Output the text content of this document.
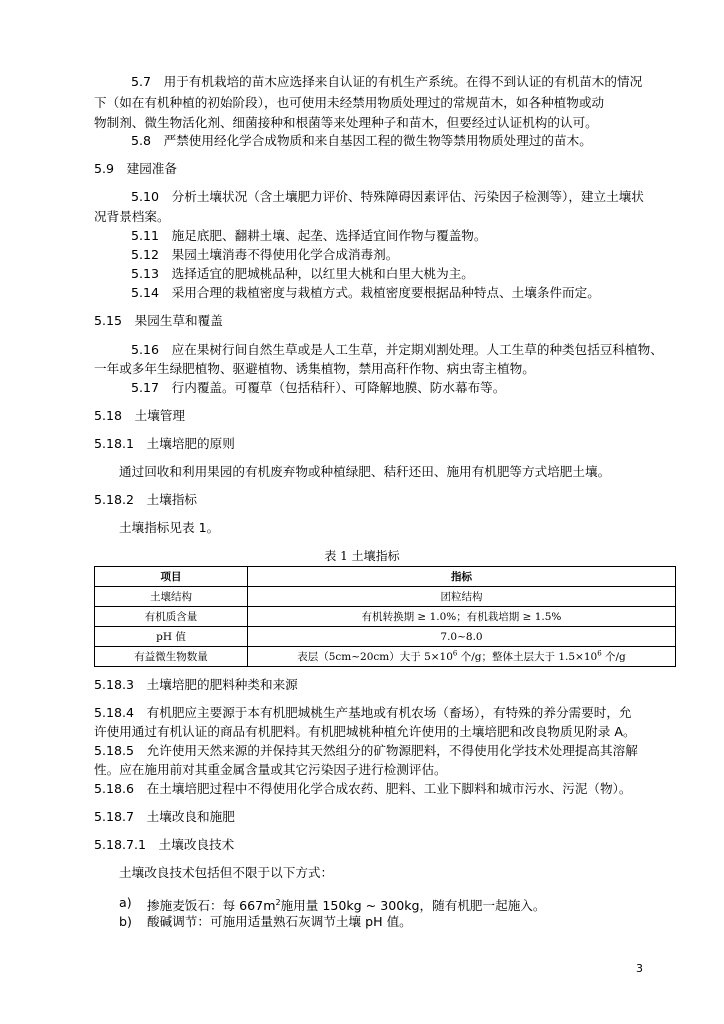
5.7　用于有机栽培的苗木应选择来自认证的有机生产系统。在得不到认证的有机苗木的情况
下（如在有机种植的初始阶段），也可使用未经禁用物质处理过的常规苗木，如各种植物或动
物制剂、微生物活化剂、细菌接种和根菌等来处理种子和苗木，但要经过认证机构的认可。
5.8　严禁使用经化学合成物质和来自基因工程的微生物等禁用物质处理过的苗木。
5.9　建园准备
5.10　分析土壤状况（含土壤肥力评价、特殊障碍因素评估、污染因子检测等），建立土壤状
况背景档案。
5.11　施足底肥、翻耕土壤、起垄、选择适宜间作物与覆盖物。
5.12　果园土壤消毒不得使用化学合成消毒剂。
5.13　选择适宜的肥城桃品种，以红里大桃和白里大桃为主。
5.14　采用合理的栽植密度与栽植方式。栽植密度要根据品种特点、土壤条件而定。
5.15　果园生草和覆盖
5.16　应在果树行间自然生草或是人工生草，并定期刈割处理。人工生草的种类包括豆科植物、
一年或多年生绿肥植物、驱避植物、诱集植物，禁用高秆作物、病虫寄主植物。
5.17　行内覆盖。可覆草（包括秸秆）、可降解地膜、防水幕布等。
5.18　土壤管理
5.18.1　土壤培肥的原则
通过回收和利用果园的有机废弃物或种植绿肥、秸秆还田、施用有机肥等方式培肥土壤。
5.18.2　土壤指标
土壤指标见表 1。
表 1 土壤指标
项目	指标
土壤结构	团粒结构
有机质含量	有机转换期 ≥ 1.0%；有机栽培期 ≥ 1.5%
pH 值	7.0~8.0
有益微生物数量	表层（5cm~20cm）大于 $5\times 10^6$ 个/g；整体土层大于 $1.5\times 10^6$ 个/g
5.18.3　土壤培肥的肥料种类和来源
5.18.4　有机肥应主要源于本有机肥城桃生产基地或有机农场（畜场），有特殊的养分需要时，允
许使用通过有机认证的商品有机肥料。有机肥城桃种植允许使用的土壤培肥和改良物质见附录 A。
5.18.5　允许使用天然来源的并保持其天然组分的矿物源肥料，不得使用化学技术处理提高其溶解
性。应在施用前对其重金属含量或其它污染因子进行检测评估。
5.18.6　在土壤培肥过程中不得使用化学合成农药、肥料、工业下脚料和城市污水、污泥（物）。
5.18.7　土壤改良和施肥
5.18.7.1　土壤改良技术
土壤改良技术包括但不限于以下方式：
a) 掺施麦饭石：每 $667m^2$施用量 150kg ~ 300kg，随有机肥一起施入。
b) 酸碱调节：可施用适量熟石灰调节土壤 pH 值。
3
